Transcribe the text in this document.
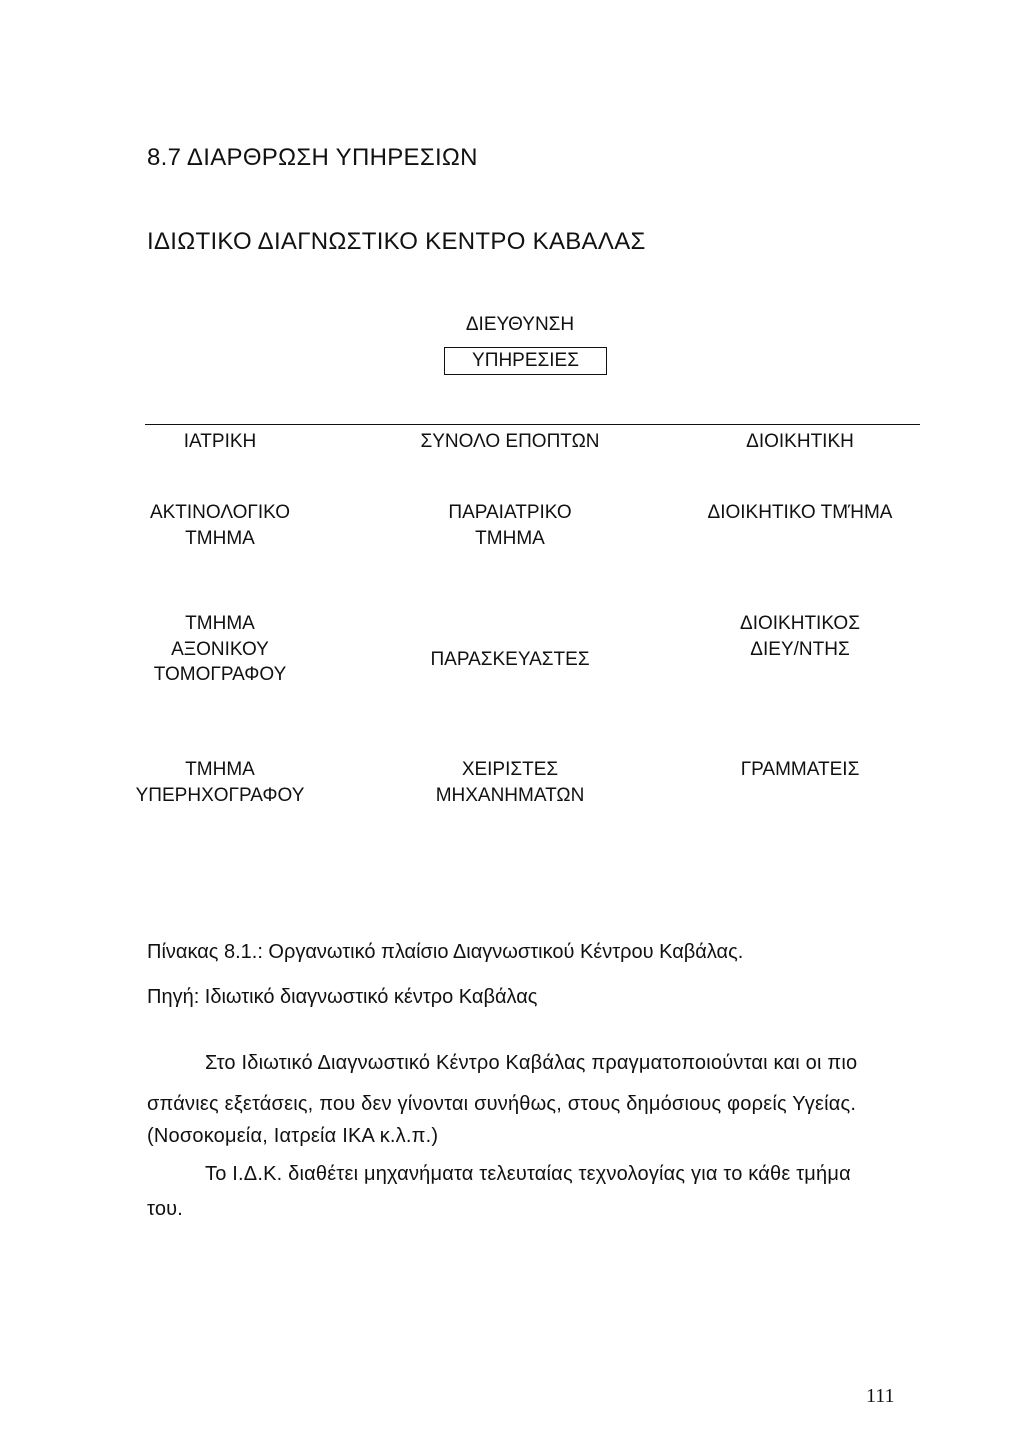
8.7 ΔΙΑΡΘΡΩΣΗ ΥΠΗΡΕΣΙΩΝ
ΙΔΙΩΤΙΚΟ ΔΙΑΓΝΩΣΤΙΚΟ ΚΕΝΤΡΟ ΚΑΒΑΛΑΣ
ΔΙΕΥΘΥΝΣΗ
ΥΠΗΡΕΣΙΕΣ
ΙΑΤΡΙΚΗ	ΣΥΝΟΛΟ ΕΠΟΠΤΩΝ	ΔΙΟΙΚΗΤΙΚΗ
ΑΚΤΙΝΟΛΟΓΙΚΟ
ΤΜΗΜΑ
ΤΜΗΜΑ
ΑΞΟΝΙΚΟΥ
ΤΟΜΟΓΡΑΦΟΥ
ΤΜΗΜΑ
ΥΠΕΡΗΧΟΓΡΑΦΟΥ
ΠΑΡΑΙΑΤΡΙΚΟ
ΤΜΗΜΑ
ΠΑΡΑΣΚΕΥΑΣΤΕΣ
ΧΕΙΡΙΣΤΕΣ
ΜΗΧΑΝΗΜΑΤΩΝ
ΔΙΟΙΚΗΤΙΚΟ ΤΜΉΜΑ
ΔΙΟΙΚΗΤΙΚΟΣ
ΔΙΕΥ/ΝΤΗΣ
ΓΡΑΜΜΑΤΕΙΣ
Πίνακας 8.1.: Οργανωτικό πλαίσιο Διαγνωστικού Κέντρου Καβάλας.
Πηγή: Ιδιωτικό διαγνωστικό κέντρο Καβάλας
Στο Ιδιωτικό Διαγνωστικό Κέντρο Καβάλας πραγματοποιούνται και οι πιο
σπάνιες εξετάσεις, που δεν γίνονται συνήθως, στους δημόσιους φορείς Υγείας.
(Νοσοκομεία, Ιατρεία ΙΚΑ κ.λ.π.)
Το Ι.Δ.Κ. διαθέτει μηχανήματα τελευταίας τεχνολογίας για το κάθε τμήμα
του.
111
